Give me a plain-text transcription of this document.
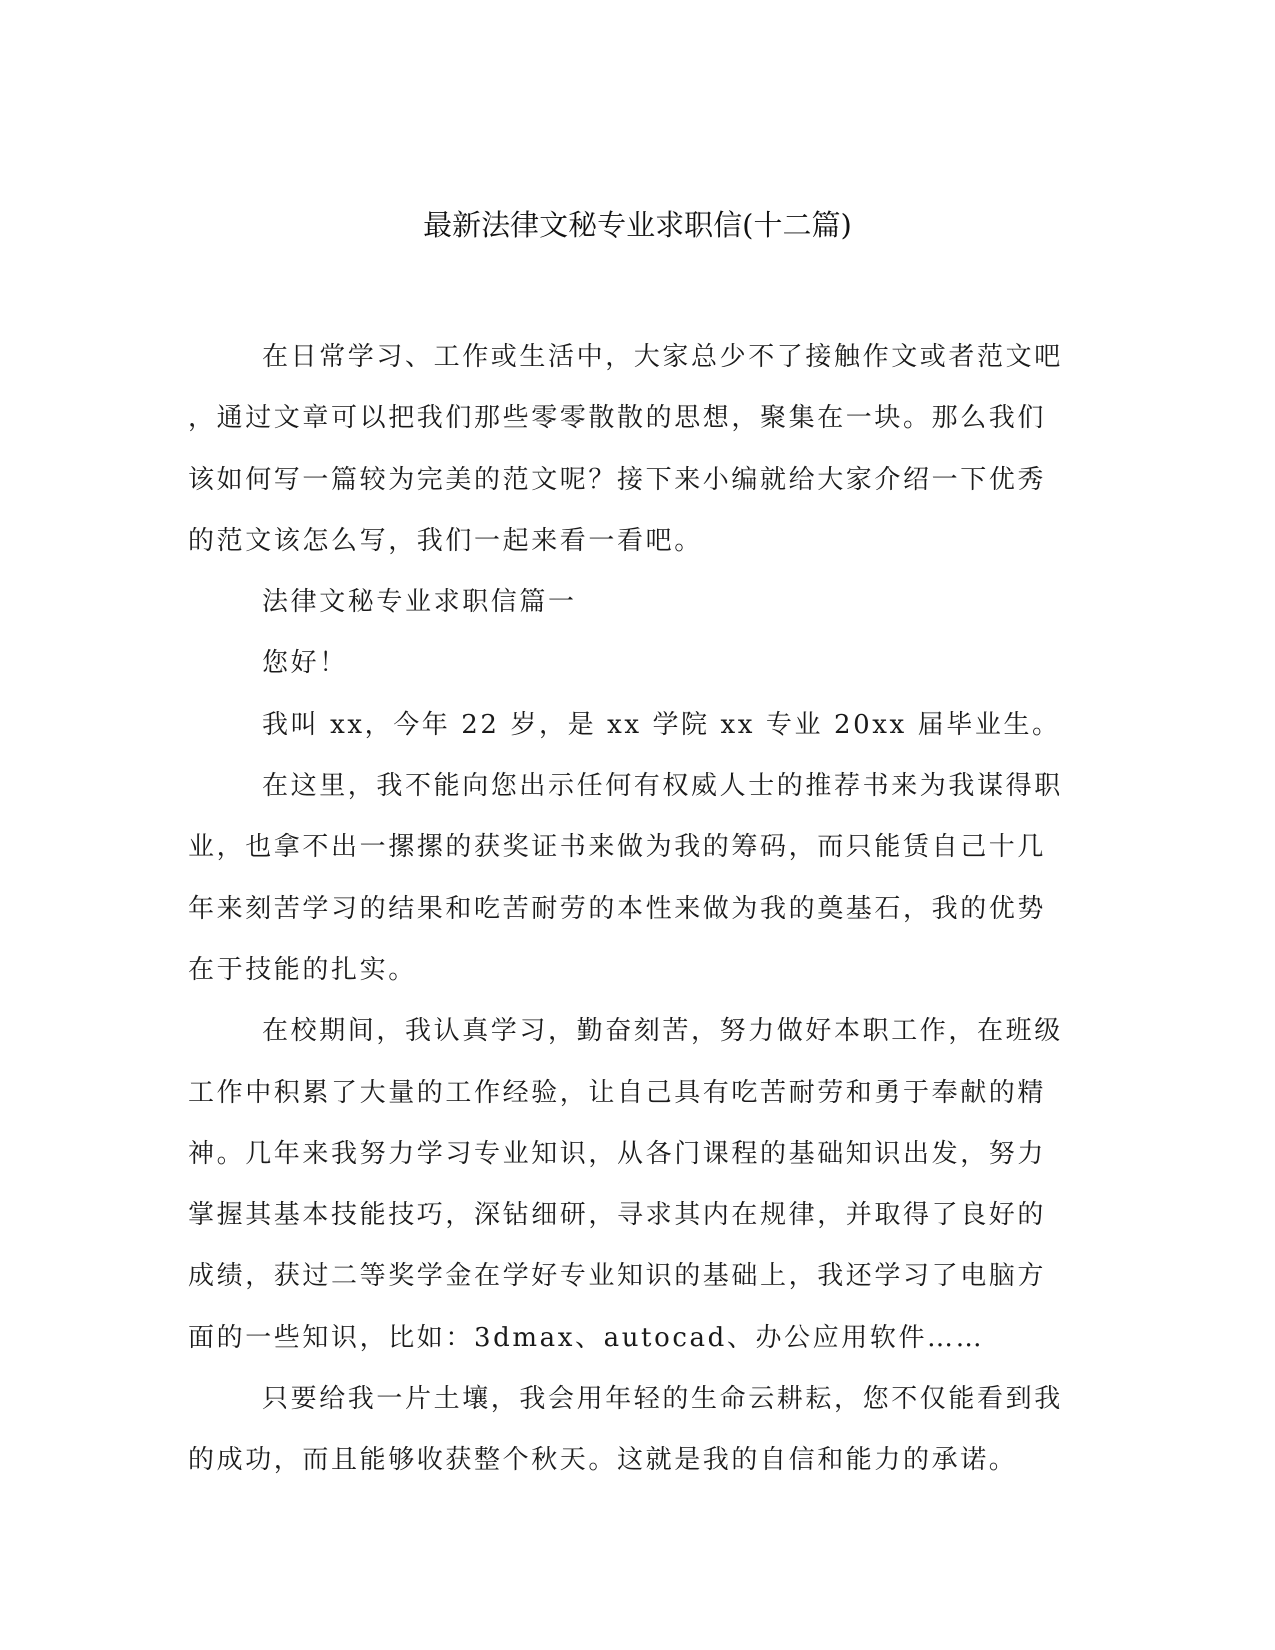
最新法律文秘专业求职信(十二篇)
在日常学习、工作或生活中，大家总少不了接触作文或者范文吧
，通过文章可以把我们那些零零散散的思想，聚集在一块。那么我们
该如何写一篇较为完美的范文呢？接下来小编就给大家介绍一下优秀
的范文该怎么写，我们一起来看一看吧。
法律文秘专业求职信篇一
您好！
我叫 xx，今年 22 岁，是 xx 学院 xx 专业 20xx 届毕业生。
在这里，我不能向您出示任何有权威人士的推荐书来为我谋得职
业，也拿不出一摞摞的获奖证书来做为我的筹码，而只能赁自己十几
年来刻苦学习的结果和吃苦耐劳的本性来做为我的奠基石，我的优势
在于技能的扎实。
在校期间，我认真学习，勤奋刻苦，努力做好本职工作，在班级
工作中积累了大量的工作经验，让自己具有吃苦耐劳和勇于奉献的精
神。几年来我努力学习专业知识，从各门课程的基础知识出发，努力
掌握其基本技能技巧，深钻细研，寻求其内在规律，并取得了良好的
成绩，获过二等奖学金在学好专业知识的基础上，我还学习了电脑方
面的一些知识，比如：3dmax、autocad、办公应用软件……
只要给我一片土壤，我会用年轻的生命云耕耘，您不仅能看到我
的成功，而且能够收获整个秋天。这就是我的自信和能力的承诺。
